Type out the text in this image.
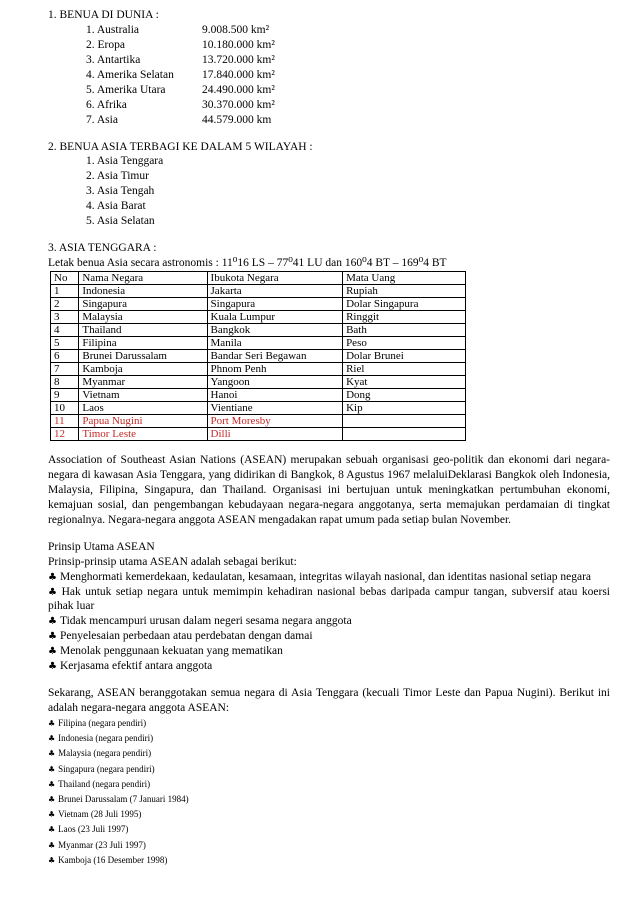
1. BENUA DI DUNIA :

1. Australia	9.008.500 km²
2. Eropa	10.180.000 km²
3. Antartika	13.720.000 km²
4. Amerika Selatan	17.840.000 km²
5. Amerika Utara	24.490.000 km²
6. Afrika	30.370.000 km²
7. Asia	44.579.000 km

2. BENUA ASIA TERBAGI KE DALAM 5 WILAYAH :

1. Asia Tenggara
2. Asia Timur
3. Asia Tengah
4. Asia Barat
5. Asia Selatan

3. ASIA TENGGARA :

Letak benua Asia secara astronomis : 11⁰16 LS – 77⁰41 LU dan 160⁰4 BT – 169⁰4 BT

No	Nama Negara	Ibukota Negara	Mata Uang
1	Indonesia	Jakarta	Rupiah
2	Singapura	Singapura	Dolar Singapura
3	Malaysia	Kuala Lumpur	Ringgit
4	Thailand	Bangkok	Bath
5	Filipina	Manila	Peso
6	Brunei Darussalam	Bandar Seri Begawan	Dolar Brunei
7	Kamboja	Phnom Penh	Riel
8	Myanmar	Yangoon	Kyat
9	Vietnam	Hanoi	Dong
10	Laos	Vientiane	Kip
11	Papua Nugini	Port Moresby	
12	Timor Leste	Dilli	

Association of Southeast Asian Nations (ASEAN) merupakan sebuah organisasi geo-politik dan ekonomi dari negara-negara di kawasan Asia Tenggara, yang didirikan di Bangkok, 8 Agustus 1967 melaluiDeklarasi Bangkok oleh Indonesia, Malaysia, Filipina, Singapura, dan Thailand. Organisasi ini bertujuan untuk meningkatkan pertumbuhan ekonomi, kemajuan sosial, dan pengembangan kebudayaan negara-negara anggotanya, serta memajukan perdamaian di tingkat regionalnya. Negara-negara anggota ASEAN mengadakan rapat umum pada setiap bulan November.

Prinsip Utama ASEAN

Prinsip-prinsip utama ASEAN adalah sebagai berikut:

♣ Menghormati kemerdekaan, kedaulatan, kesamaan, integritas wilayah nasional, dan identitas nasional setiap negara

♣ Hak untuk setiap negara untuk memimpin kehadiran nasional bebas daripada campur tangan, subversif atau koersi pihak luar

♣ Tidak mencampuri urusan dalam negeri sesama negara anggota

♣ Penyelesaian perbedaan atau perdebatan dengan damai

♣ Menolak penggunaan kekuatan yang mematikan

♣ Kerjasama efektif antara anggota

Sekarang, ASEAN beranggotakan semua negara di Asia Tenggara (kecuali Timor Leste dan Papua Nugini). Berikut ini adalah negara-negara anggota ASEAN:

♣ Filipina (negara pendiri)
♣ Indonesia (negara pendiri)
♣ Malaysia (negara pendiri)
♣ Singapura (negara pendiri)
♣ Thailand (negara pendiri)
♣ Brunei Darussalam (7 Januari 1984)
♣ Vietnam (28 Juli 1995)
♣ Laos (23 Juli 1997)
♣ Myanmar (23 Juli 1997)
♣ Kamboja (16 Desember 1998)
